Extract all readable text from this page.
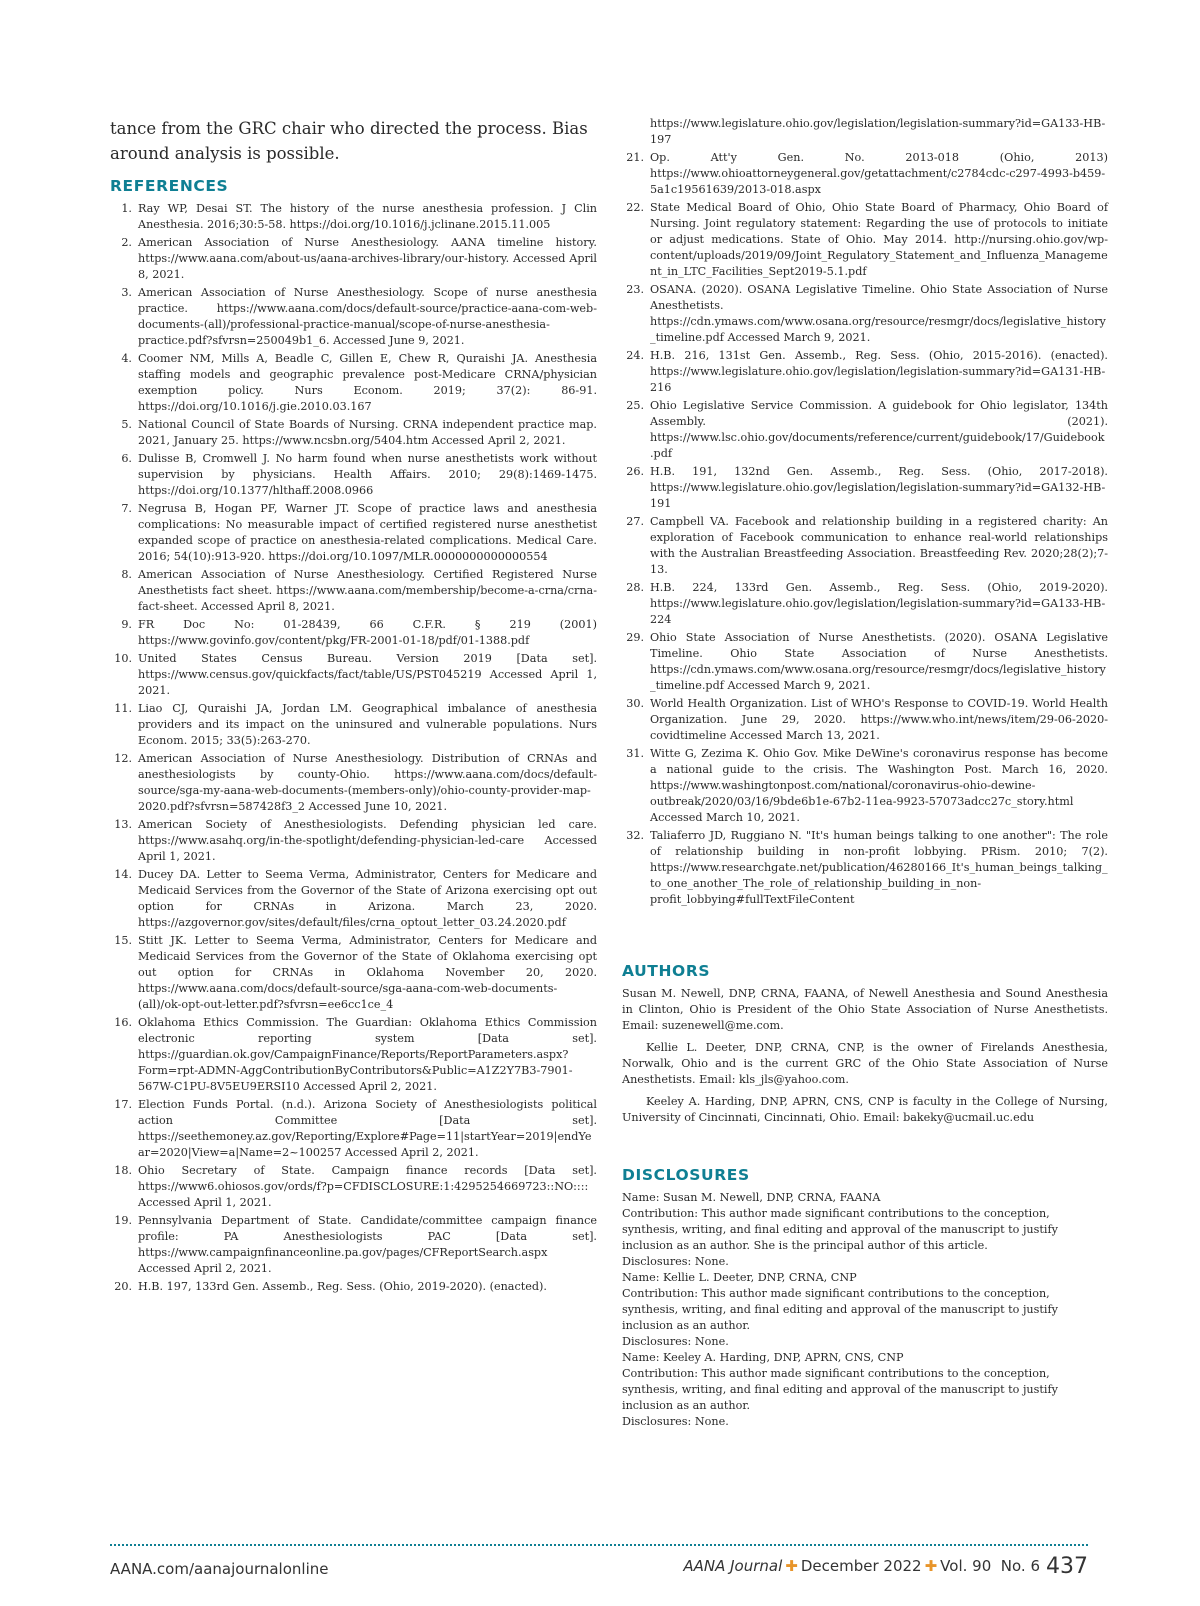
tance from the GRC chair who directed the process. Bias around analysis is possible.

REFERENCES
1. Ray WP, Desai ST. The history of the nurse anesthesia profession. J Clin Anesthesia. 2016;30:5-58. https://doi.org/10.1016/j.jclinane.2015.11.005
2. American Association of Nurse Anesthesiology. AANA timeline history. https://www.aana.com/about-us/aana-archives-library/our-history. Accessed April 8, 2021.
3. American Association of Nurse Anesthesiology. Scope of nurse anesthesia practice. https://www.aana.com/docs/default-source/practice-aana-com-web-documents-(all)/professional-practice-manual/scope-of-nurse-anesthesia-practice.pdf?sfvrsn=250049b1_6. Accessed June 9, 2021.
4. Coomer NM, Mills A, Beadle C, Gillen E, Chew R, Quraishi JA. Anesthesia staffing models and geographic prevalence post-Medicare CRNA/physician exemption policy. Nurs Econom. 2019; 37(2): 86-91. https://doi.org/10.1016/j.gie.2010.03.167
5. National Council of State Boards of Nursing. CRNA independent practice map. 2021, January 25. https://www.ncsbn.org/5404.htm Accessed April 2, 2021.
6. Dulisse B, Cromwell J. No harm found when nurse anesthetists work without supervision by physicians. Health Affairs. 2010; 29(8):1469-1475. https://doi.org/10.1377/hlthaff.2008.0966
7. Negrusa B, Hogan PF, Warner JT. Scope of practice laws and anesthesia complications: No measurable impact of certified registered nurse anesthetist expanded scope of practice on anesthesia-related complications. Medical Care. 2016; 54(10):913-920. https://doi.org/10.1097/MLR.0000000000000554
8. American Association of Nurse Anesthesiology. Certified Registered Nurse Anesthetists fact sheet. https://www.aana.com/membership/become-a-crna/crna-fact-sheet. Accessed April 8, 2021.
9. FR Doc No: 01-28439, 66 C.F.R. § 219 (2001) https://www.govinfo.gov/content/pkg/FR-2001-01-18/pdf/01-1388.pdf
10. United States Census Bureau. Version 2019 [Data set]. https://www.census.gov/quickfacts/fact/table/US/PST045219 Accessed April 1, 2021.
11. Liao CJ, Quraishi JA, Jordan LM. Geographical imbalance of anesthesia providers and its impact on the uninsured and vulnerable populations. Nurs Econom. 2015; 33(5):263-270.
12. American Association of Nurse Anesthesiology. Distribution of CRNAs and anesthesiologists by county-Ohio. https://www.aana.com/docs/default-source/sga-my-aana-web-documents-(members-only)/ohio-county-provider-map-2020.pdf?sfvrsn=587428f3_2 Accessed June 10, 2021.
13. American Society of Anesthesiologists. Defending physician led care. https://www.asahq.org/in-the-spotlight/defending-physician-led-care Accessed April 1, 2021.
14. Ducey DA. Letter to Seema Verma, Administrator, Centers for Medicare and Medicaid Services from the Governor of the State of Arizona exercising opt out option for CRNAs in Arizona. March 23, 2020. https://azgovernor.gov/sites/default/files/crna_optout_letter_03.24.2020.pdf
15. Stitt JK. Letter to Seema Verma, Administrator, Centers for Medicare and Medicaid Services from the Governor of the State of Oklahoma exercising opt out option for CRNAs in Oklahoma November 20, 2020. https://www.aana.com/docs/default-source/sga-aana-com-web-documents-(all)/ok-opt-out-letter.pdf?sfvrsn=ee6cc1ce_4
16. Oklahoma Ethics Commission. The Guardian: Oklahoma Ethics Commission electronic reporting system [Data set]. https://guardian.ok.gov/CampaignFinance/Reports/ReportParameters.aspx?Form=rpt-ADMN-AggContributionByContributors&Public=A1Z2Y7B3-7901-567W-C1PU-8V5EU9ERSI10 Accessed April 2, 2021.
17. Election Funds Portal. (n.d.). Arizona Society of Anesthesiologists political action Committee [Data set]. https://seethemoney.az.gov/Reporting/Explore#Page=11|startYear=2019|endYear=2020|View=a|Name=2~100257 Accessed April 2, 2021.
18. Ohio Secretary of State. Campaign finance records [Data set]. https://www6.ohiosos.gov/ords/f?p=CFDISCLOSURE:1:4295254669723::NO:::: Accessed April 1, 2021.
19. Pennsylvania Department of State. Candidate/committee campaign finance profile: PA Anesthesiologists PAC [Data set]. https://www.campaignfinanceonline.pa.gov/pages/CFReportSearch.aspx Accessed April 2, 2021.
20. H.B. 197, 133rd Gen. Assemb., Reg. Sess. (Ohio, 2019-2020). (enacted).

https://www.legislature.ohio.gov/legislation/legislation-summary?id=GA133-HB-197

21. Op. Att'y Gen. No. 2013-018 (Ohio, 2013) https://www.ohioattorneygeneral.gov/getattachment/c2784cdc-c297-4993-b459-5a1c19561639/2013-018.aspx
22. State Medical Board of Ohio, Ohio State Board of Pharmacy, Ohio Board of Nursing. Joint regulatory statement: Regarding the use of protocols to initiate or adjust medications. State of Ohio. May 2014. http://nursing.ohio.gov/wp-content/uploads/2019/09/Joint_Regulatory_Statement_and_Influenza_Management_in_LTC_Facilities_Sept2019-5.1.pdf
23. OSANA. (2020). OSANA Legislative Timeline. Ohio State Association of Nurse Anesthetists. https://cdn.ymaws.com/www.osana.org/resource/resmgr/docs/legislative_history_timeline.pdf Accessed March 9, 2021.
24. H.B. 216, 131st Gen. Assemb., Reg. Sess. (Ohio, 2015-2016). (enacted). https://www.legislature.ohio.gov/legislation/legislation-summary?id=GA131-HB-216
25. Ohio Legislative Service Commission. A guidebook for Ohio legislator, 134th Assembly. (2021). https://www.lsc.ohio.gov/documents/reference/current/guidebook/17/Guidebook.pdf
26. H.B. 191, 132nd Gen. Assemb., Reg. Sess. (Ohio, 2017-2018). https://www.legislature.ohio.gov/legislation/legislation-summary?id=GA132-HB-191
27. Campbell VA. Facebook and relationship building in a registered charity: An exploration of Facebook communication to enhance real-world relationships with the Australian Breastfeeding Association. Breastfeeding Rev. 2020;28(2);7-13.
28. H.B. 224, 133rd Gen. Assemb., Reg. Sess. (Ohio, 2019-2020). https://www.legislature.ohio.gov/legislation/legislation-summary?id=GA133-HB-224
29. Ohio State Association of Nurse Anesthetists. (2020). OSANA Legislative Timeline. Ohio State Association of Nurse Anesthetists. https://cdn.ymaws.com/www.osana.org/resource/resmgr/docs/legislative_history_timeline.pdf Accessed March 9, 2021.
30. World Health Organization. List of WHO's Response to COVID-19. World Health Organization. June 29, 2020. https://www.who.int/news/item/29-06-2020-covidtimeline Accessed March 13, 2021.
31. Witte G, Zezima K. Ohio Gov. Mike DeWine's coronavirus response has become a national guide to the crisis. The Washington Post. March 16, 2020. https://www.washingtonpost.com/national/coronavirus-ohio-dewine-outbreak/2020/03/16/9bde6b1e-67b2-11ea-9923-57073adcc27c_story.html Accessed March 10, 2021.
32. Taliaferro JD, Ruggiano N. "It's human beings talking to one another": The role of relationship building in non-profit lobbying. PRism. 2010; 7(2). https://www.researchgate.net/publication/46280166_It's_human_beings_talking_to_one_another_The_role_of_relationship_building_in_non-profit_lobbying#fullTextFileContent
AUTHORS

Susan M. Newell, DNP, CRNA, FAANA, of Newell Anesthesia and Sound Anesthesia in Clinton, Ohio is President of the Ohio State Association of Nurse Anesthetists. Email: suzenewell@me.com.

Kellie L. Deeter, DNP, CRNA, CNP, is the owner of Firelands Anesthesia, Norwalk, Ohio and is the current GRC of the Ohio State Association of Nurse Anesthetists. Email: kls_jls@yahoo.com.

Keeley A. Harding, DNP, APRN, CNS, CNP is faculty in the College of Nursing, University of Cincinnati, Cincinnati, Ohio. Email: bakeky@ucmail.uc.edu

DISCLOSURES

Name: Susan M. Newell, DNP, CRNA, FAANA

Contribution: This author made significant contributions to the conception, synthesis, writing, and final editing and approval of the manuscript to justify inclusion as an author. She is the principal author of this article.

Disclosures: None.

Name: Kellie L. Deeter, DNP, CRNA, CNP

Contribution: This author made significant contributions to the conception, synthesis, writing, and final editing and approval of the manuscript to justify inclusion as an author.

Disclosures: None.

Name: Keeley A. Harding, DNP, APRN, CNS, CNP

Contribution: This author made significant contributions to the conception, synthesis, writing, and final editing and approval of the manuscript to justify inclusion as an author.

Disclosures: None.

AANA.com/aanajournalonline	AANA Journal ✚ December 2022 ✚ Vol. 90  No. 6 437
